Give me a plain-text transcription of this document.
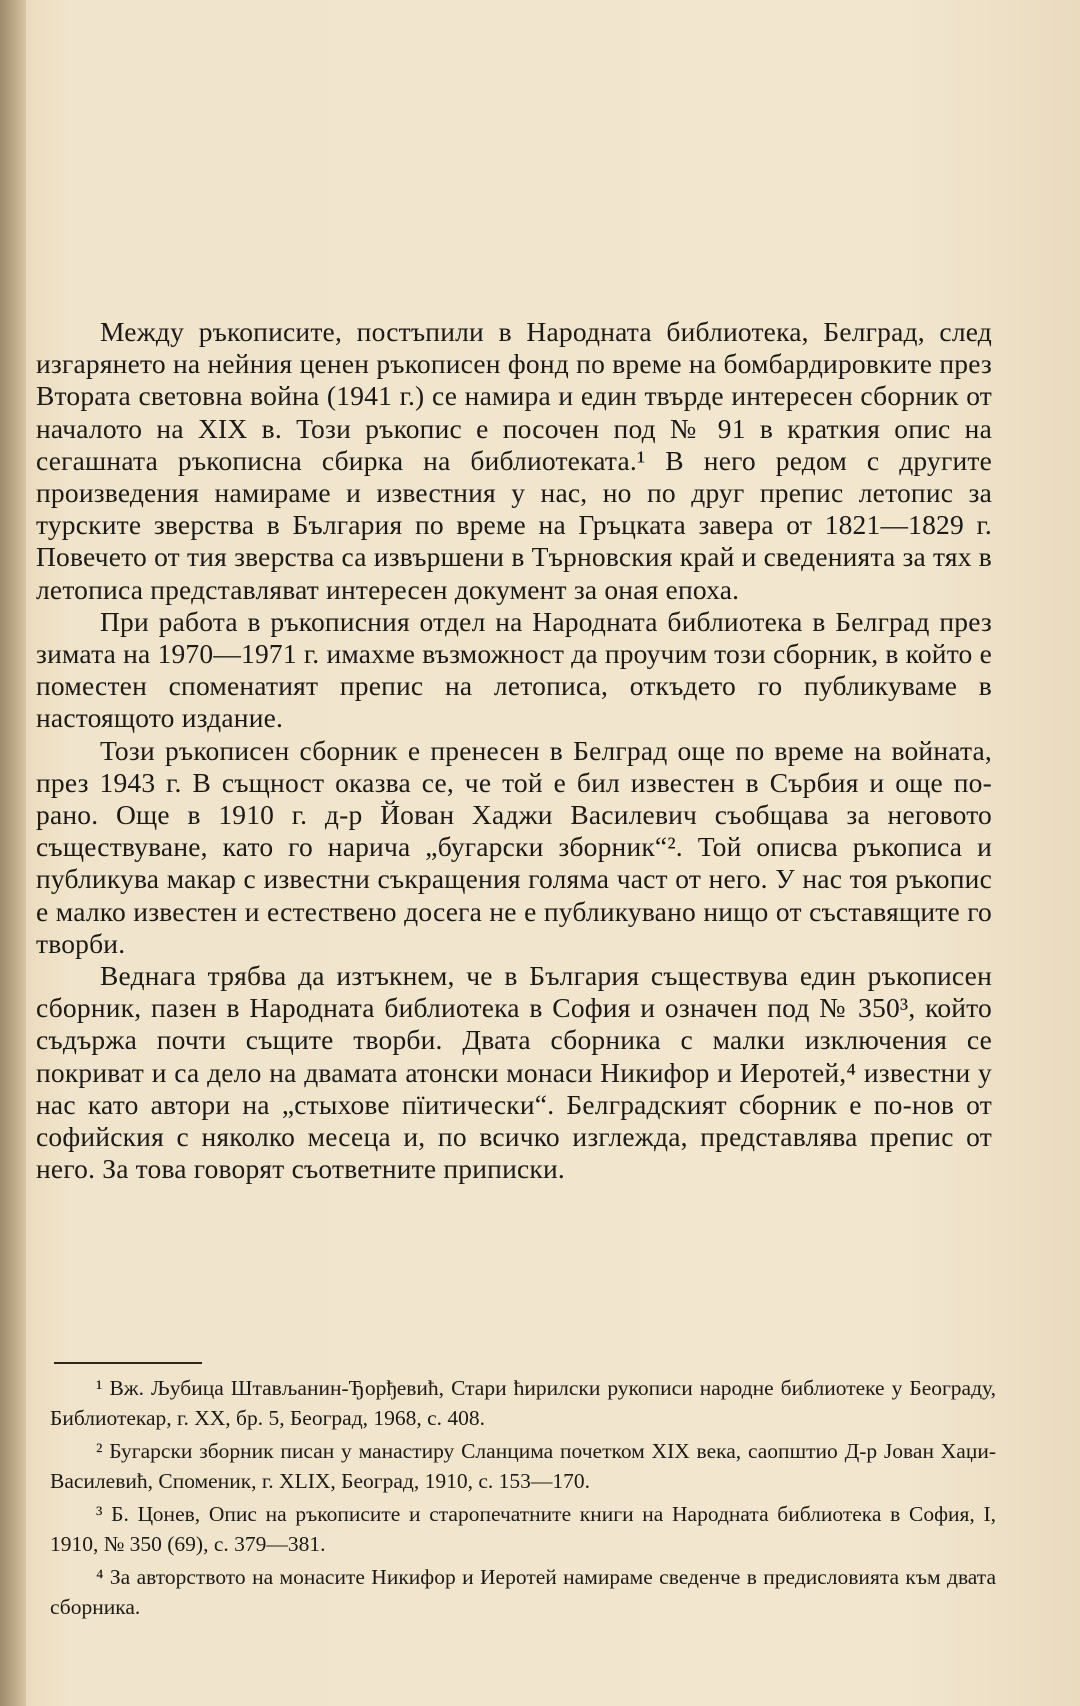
Между ръкописите, постъпили в Народната библиотека, Белград, след изгарянето на нейния ценен ръкописен фонд по време на бомбардировките през Втората световна война (1941 г.) се намира и един твърде интересен сборник от началото на XIX в. Този ръкопис е посочен под № 91 в краткия опис на сегашната ръкописна сбирка на библиотеката.¹ В него редом с другите произведения намираме и известния у нас, но по друг препис летопис за турските зверства в България по време на Гръцката завера от 1821—1829 г. Повечето от тия зверства са извършени в Търновския край и сведенията за тях в летописа представляват интересен документ за оная епоха.

При работа в ръкописния отдел на Народната библиотека в Белград през зимата на 1970—1971 г. имахме възможност да проучим този сборник, в който е поместен споменатият препис на летописа, откъдето го публикуваме в настоящото издание.

Този ръкописен сборник е пренесен в Белград още по време на войната, през 1943 г. В същност оказва се, че той е бил известен в Сърбия и още по-рано. Още в 1910 г. д-р Йован Хаджи Василевич съобщава за неговото съществуване, като го нарича „бугарски зборник“². Той описва ръкописа и публикува макар с известни съкращения голяма част от него. У нас тоя ръкопис е малко известен и естествено досега не е публикувано нищо от съставящите го творби.

Веднага трябва да изтъкнем, че в България съществува един ръкописен сборник, пазен в Народната библиотека в София и означен под № 350³, който съдържа почти същите творби. Двата сборника с малки изключения се покриват и са дело на двамата атонски монаси Никифор и Иеротей,⁴ известни у нас като автори на „стыхове пїитически“. Белградският сборник е по-нов от софийския с няколко месеца и, по всичко изглежда, представлява препис от него. За това говорят съответните приписки.

¹ Вж. Љубица Штављанин-Ђорђевић, Стари ћирилски рукописи народне библиотеке у Београду, Библиотекар, г. XX, бр. 5, Београд, 1968, с. 408.

² Бугарски зборник писан у манастиру Сланцима почетком XIX века, саопштио Д-р Јован Хаџи-Василевић, Споменик, г. XLIX, Београд, 1910, с. 153—170.

³ Б. Цонев, Опис на ръкописите и старопечатните книги на Народната библиотека в София, I, 1910, № 350 (69), с. 379—381.

⁴ За авторството на монасите Никифор и Иеротей намираме сведенче в предисловията към двата сборника.
